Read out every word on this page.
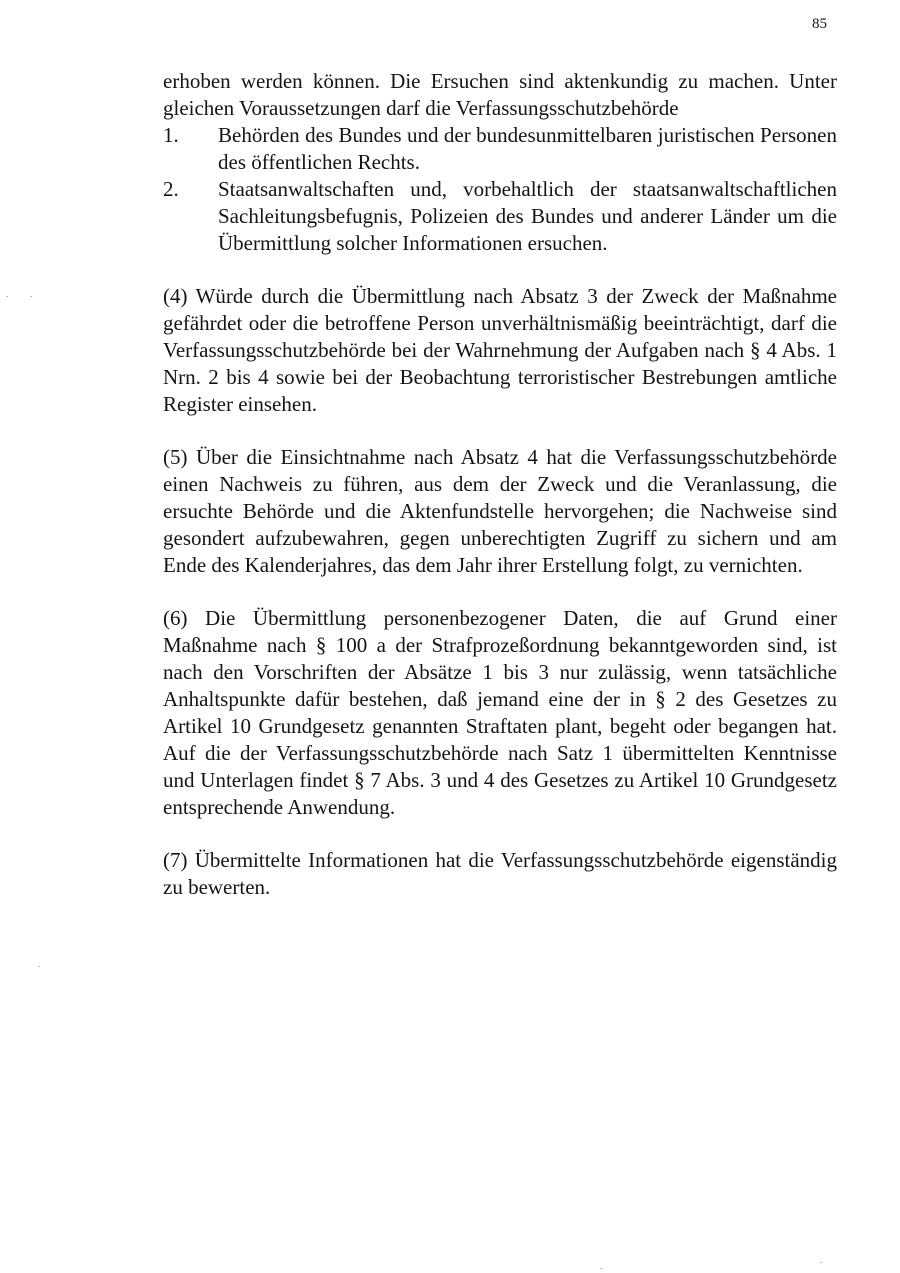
85

erhoben werden können. Die Ersuchen sind aktenkundig zu machen. Unter gleichen Voraussetzungen darf die Verfassungsschutzbehörde

1.	Behörden des Bundes und der bundesunmittelbaren juristischen Personen des öffentlichen Rechts.
2.	Staatsanwaltschaften und, vorbehaltlich der staatsanwaltschaftlichen Sachleitungsbefugnis, Polizeien des Bundes und anderer Länder um die Übermittlung solcher Informationen ersuchen.

(4) Würde durch die Übermittlung nach Absatz 3 der Zweck der Maßnahme gefährdet oder die betroffene Person unverhältnismäßig beeinträchtigt, darf die Verfassungsschutzbehörde bei der Wahrnehmung der Aufgaben nach § 4 Abs. 1 Nrn. 2 bis 4 sowie bei der Beobachtung terroristischer Bestrebungen amtliche Register einsehen.

(5) Über die Einsichtnahme nach Absatz 4 hat die Verfassungsschutzbehörde einen Nachweis zu führen, aus dem der Zweck und die Veranlassung, die ersuchte Behörde und die Aktenfundstelle hervorgehen; die Nachweise sind gesondert aufzubewahren, gegen unberechtigten Zugriff zu sichern und am Ende des Kalenderjahres, das dem Jahr ihrer Erstellung folgt, zu vernichten.

(6) Die Übermittlung personenbezogener Daten, die auf Grund einer Maßnahme nach § 100 a der Strafprozeßordnung bekanntgeworden sind, ist nach den Vorschriften der Absätze 1 bis 3 nur zulässig, wenn tatsächliche Anhaltspunkte dafür bestehen, daß jemand eine der in § 2 des Gesetzes zu Artikel 10 Grundgesetz genannten Straftaten plant, begeht oder begangen hat. Auf die der Verfassungsschutzbehörde nach Satz 1 übermittelten Kenntnisse und Unterlagen findet § 7 Abs. 3 und 4 des Gesetzes zu Artikel 10 Grundgesetz entsprechende Anwendung.

(7) Übermittelte Informationen hat die Verfassungsschutzbehörde eigenständig zu bewerten.
